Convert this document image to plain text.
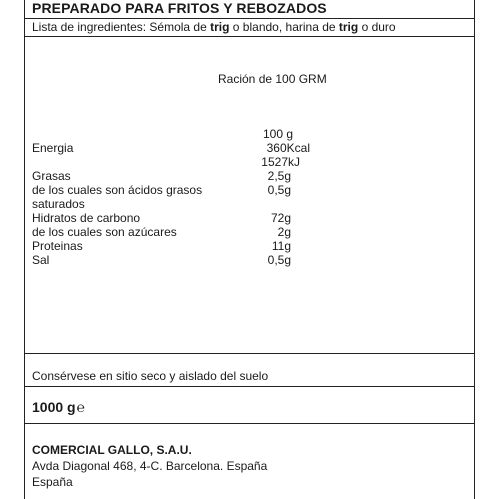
PREPARADO PARA FRITOS Y REBOZADOS
Lista de ingredientes: Sémola de trig o blando, harina de trig o duro
Ración de 100 GRM
100 g
Energia	360Kcal
1527kJ
Grasas	2,5g
de los cuales son ácidos grasos	0,5g
saturados
Hidratos de carbono	72g
de los cuales son azúcares	2g
Proteinas	11g
Sal	0,5g
Consérvese en sitio seco y aislado del suelo
1000 g℮
COMERCIAL GALLO, S.A.U.
Avda Diagonal 468, 4-C. Barcelona. España
España
